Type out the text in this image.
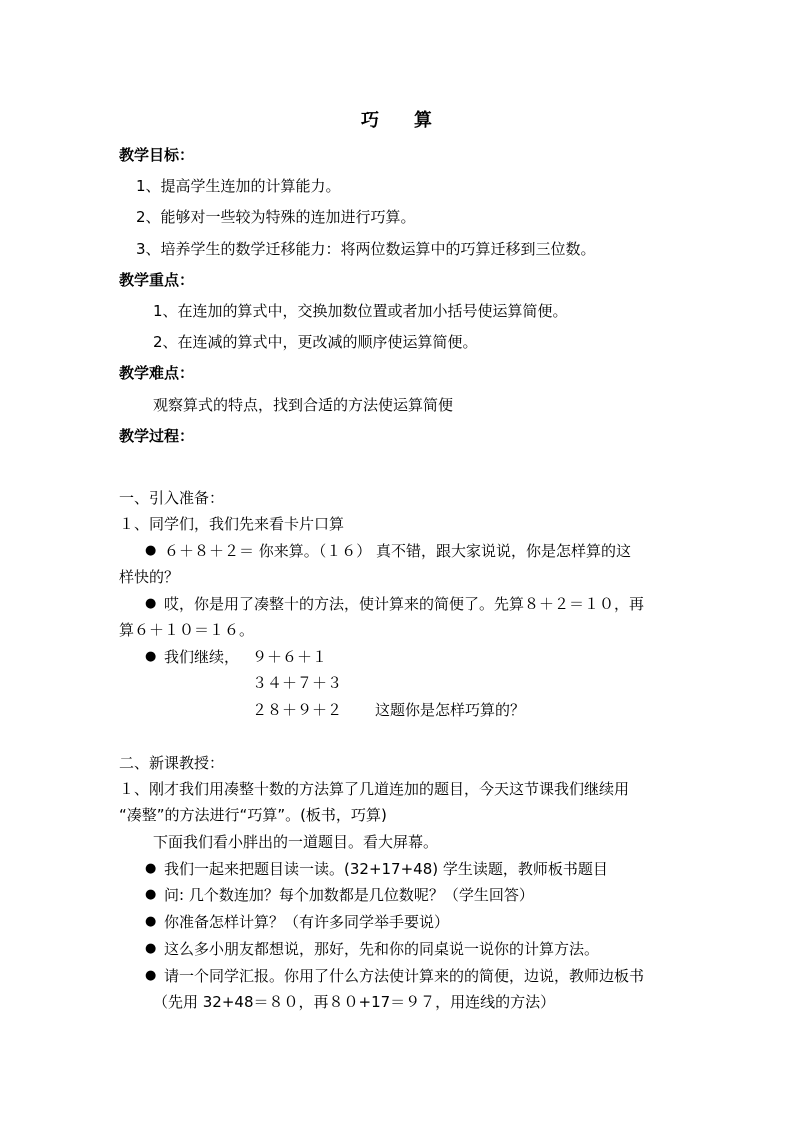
巧 算
教学目标：
1、提高学生连加的计算能力。
2、能够对一些较为特殊的连加进行巧算。
3、培养学生的数学迁移能力：将两位数运算中的巧算迁移到三位数。
教学重点：
1、在连加的算式中，交换加数位置或者加小括号使运算简便。
2、在连减的算式中，更改减的顺序使运算简便。
教学难点：
观察算式的特点，找到合适的方法使运算简便
教学过程：
一、引入准备：
１、同学们，我们先来看卡片口算
● ６＋８＋２＝ 你来算。（１６） 真不错，跟大家说说，你是怎样算的这
样快的？
● 哎，你是用了凑整十的方法，使计算来的简便了。先算８＋２＝１０，再
算６＋１０＝１６。
● 我们继续， ９＋６＋１
３４＋７＋３
２８＋９＋２ 这题你是怎样巧算的？
二、新课教授：
１、刚才我们用凑整十数的方法算了几道连加的题目，今天这节课我们继续用
“凑整”的方法进行“巧算”。(板书，巧算)
下面我们看小胖出的一道题目。看大屏幕。
● 我们一起来把题目读一读。(32+17+48) 学生读题，教师板书题目
● 问: 几个数连加？每个加数都是几位数呢？（学生回答）
● 你准备怎样计算？（有许多同学举手要说）
● 这么多小朋友都想说，那好，先和你的同桌说一说你的计算方法。
● 请一个同学汇报。你用了什么方法使计算来的的简便，边说，教师边板书
（先用 32+48＝８０，再８０+17＝９７，用连线的方法）
